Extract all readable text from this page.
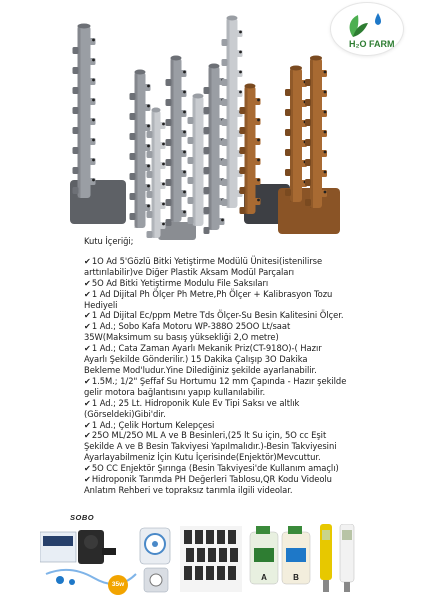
H₂O FARM
Kutu İçeriği;
✔1O Ad 5'Gözlü Bitki Yetiştirme Modülü Ünitesi(istenilirse
arttırılabilir)ve Diğer Plastik Aksam Modül Parçaları
✔5O Ad Bitki Yetiştirme Modulu File Saksıları
✔1 Ad Dijital Ph Ölçer Ph Metre,Ph Ölçer + Kalibrasyon Tozu
Hediyeli
✔1 Ad Dijital Ec/ppm Metre Tds Ölçer-Su Besin Kalitesini Ölçer.
✔1 Ad.; Sobo Kafa Motoru WP-388O 25OO Lt/saat
35W(Maksimum su basış yüksekliği 2,O metre)
✔1 Ad.; Cata Zaman Ayarlı Mekanik Priz(CT-918O)-( Hazır
Ayarlı Şekilde Gönderilir.) 15 Dakika Çalışıp 3O Dakika
Bekleme Mod'ludur.Yine Dilediğiniz şekilde ayarlanabilir.
✔1.5M.; 1/2" Şeffaf Su Hortumu 12 mm Çapında - Hazır şekilde
gelir motora bağlantısını yapıp kullanılabilir.
✔1 Ad.; 25 Lt. Hidroponik Kule Ev Tipi Saksı ve altlık
(Görseldeki)Gibi'dir.
✔1 Ad.; Çelik Hortum Kelepçesi
✔25O ML/25O ML A ve B Besinleri,(25 lt Su için, 5O cc Eşit
Şekilde A ve B Besin Takviyesi Yapılmalıdır.)-Besin Takviyesini
Ayarlayabilmeniz İçin Kutu İçerisinde(Enjektör)Mevcuttur.
✔5O CC Enjektör Şırınga (Besin Takviyesi'de Kullanım amaçlı)
✔Hidroponik Tarımda PH Değerleri Tablosu,QR Kodu Videolu
Anlatım Rehberi ve topraksız tarımla ilgili videolar.
SOBO
A	B
35w
